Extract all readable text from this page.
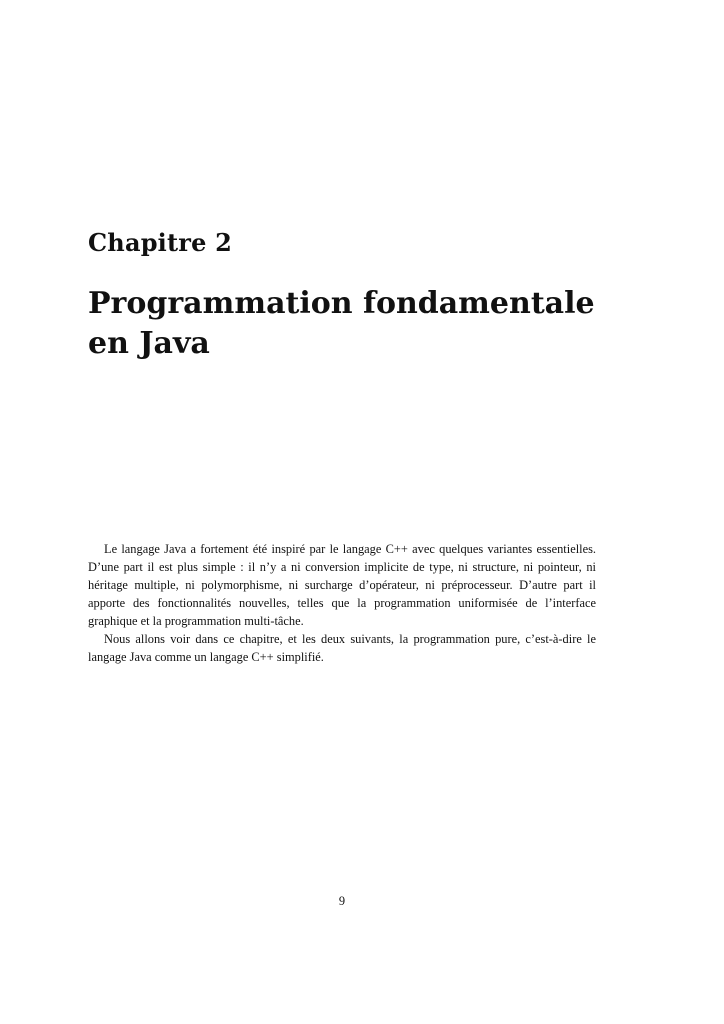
Chapitre 2
Programmation fondamentale en Java

Le langage Java a fortement été inspiré par le langage C++ avec quelques variantes essentielles. D’une part il est plus simple : il n’y a ni conversion implicite de type, ni structure, ni pointeur, ni héritage multiple, ni polymorphisme, ni surcharge d’opérateur, ni préprocesseur. D’autre part il apporte des fonctionnalités nouvelles, telles que la programmation uniformisée de l’interface graphique et la programmation multi-tâche.

Nous allons voir dans ce chapitre, et les deux suivants, la programmation pure, c’est-à-dire le langage Java comme un langage C++ simplifié.

9
